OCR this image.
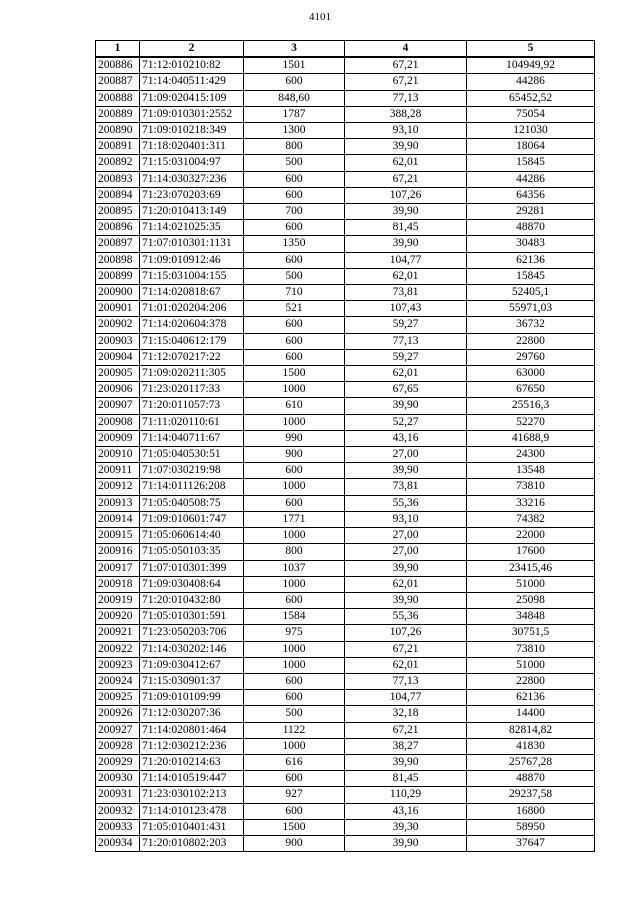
4101
1	2	3	4	5
200886	71:12:010210:82	1501	67,21	104949,92
200887	71:14:040511:429	600	67,21	44286
200888	71:09:020415:109	848,60	77,13	65452,52
200889	71:09:010301:2552	1787	388,28	75054
200890	71:09:010218:349	1300	93,10	121030
200891	71:18:020401:311	800	39,90	18064
200892	71:15:031004:97	500	62,01	15845
200893	71:14:030327:236	600	67,21	44286
200894	71:23:070203:69	600	107,26	64356
200895	71:20:010413:149	700	39,90	29281
200896	71:14:021025:35	600	81,45	48870
200897	71:07:010301:1131	1350	39,90	30483
200898	71:09:010912:46	600	104,77	62136
200899	71:15:031004:155	500	62,01	15845
200900	71:14:020818:67	710	73,81	52405,1
200901	71:01:020204:206	521	107,43	55971,03
200902	71:14:020604:378	600	59,27	36732
200903	71:15:040612:179	600	77,13	22800
200904	71:12:070217:22	600	59,27	29760
200905	71:09:020211:305	1500	62,01	63000
200906	71:23:020117:33	1000	67,65	67650
200907	71:20:011057:73	610	39,90	25516,3
200908	71:11:020110:61	1000	52,27	52270
200909	71:14:040711:67	990	43,16	41688,9
200910	71:05:040530:51	900	27,00	24300
200911	71:07:030219:98	600	39,90	13548
200912	71:14:011126:208	1000	73,81	73810
200913	71:05:040508:75	600	55,36	33216
200914	71:09:010601:747	1771	93,10	74382
200915	71:05:060614:40	1000	27,00	22000
200916	71:05:050103:35	800	27,00	17600
200917	71:07:010301:399	1037	39,90	23415,46
200918	71:09:030408:64	1000	62,01	51000
200919	71:20:010432:80	600	39,90	25098
200920	71:05:010301:591	1584	55,36	34848
200921	71:23:050203:706	975	107,26	30751,5
200922	71:14:030202:146	1000	67,21	73810
200923	71:09:030412:67	1000	62,01	51000
200924	71:15:030901:37	600	77,13	22800
200925	71:09:010109:99	600	104,77	62136
200926	71:12:030207:36	500	32,18	14400
200927	71:14:020801:464	1122	67,21	82814,82
200928	71:12:030212:236	1000	38,27	41830
200929	71:20:010214:63	616	39,90	25767,28
200930	71:14:010519:447	600	81,45	48870
200931	71:23:030102:213	927	110,29	29237,58
200932	71:14:010123:478	600	43,16	16800
200933	71:05:010401:431	1500	39,30	58950
200934	71:20:010802:203	900	39,90	37647
